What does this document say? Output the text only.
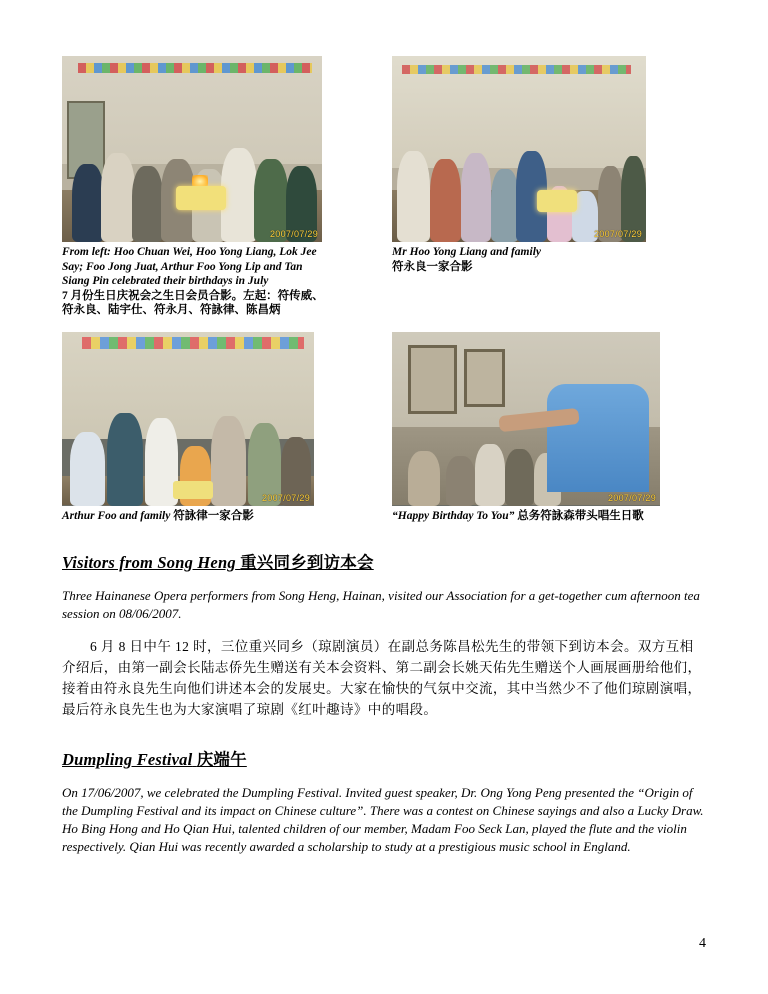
2007/07/29
From left: Hoo Chuan Wei, Hoo Yong Liang, Lok Jee Say; Foo Jong Juat, Arthur Foo Yong Lip and Tan Siang Pin celebrated their birthdays in July
7 月份生日庆祝会之生日会员合影。左起：符传威、符永良、陆宇仕、符永月、符詠律、陈昌炳
2007/07/29
Mr Hoo Yong Liang and family
符永良一家合影
2007/07/29
Arthur Foo and family 符詠律一家合影
2007/07/29
“Happy Birthday To You” 总务符詠森带头唱生日歌
Visitors from Song Heng 重兴同乡到访本会

Three Hainanese Opera performers from Song Heng, Hainan, visited our Association for a get-together cum afternoon tea session on 08/06/2007.

6 月 8 日中午 12 时，三位重兴同乡（琼剧演员）在副总务陈昌松先生的带领下到访本会。双方互相介绍后，由第一副会长陆志侨先生赠送有关本会资料、第二副会长姚天佑先生赠送个人画展画册给他们，接着由符永良先生向他们讲述本会的发展史。大家在愉快的气氛中交流，其中当然少不了他们琼剧演唱，最后符永良先生也为大家演唱了琼剧《红叶趣诗》中的唱段。

Dumpling Festival 庆端午

On 17/06/2007, we celebrated the Dumpling Festival. Invited guest speaker, Dr. Ong Yong Peng presented the “Origin of the Dumpling Festival and its impact on Chinese culture”. There was a contest on Chinese sayings and also a Lucky Draw. Ho Bing Hong and Ho Qian Hui, talented children of our member, Madam Foo Seck Lan, played the flute and the violin respectively. Qian Hui was recently awarded a scholarship to study at a prestigious music school in England.

4
